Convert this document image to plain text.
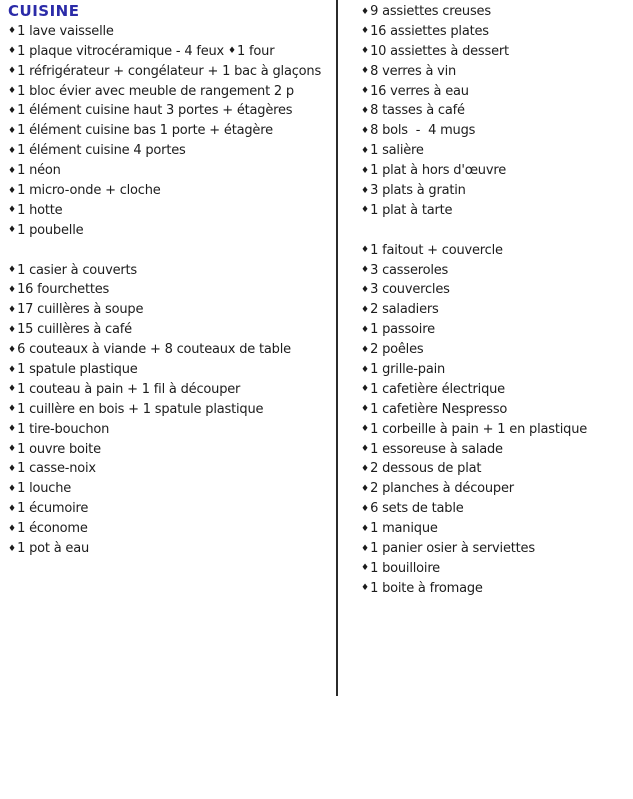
CUISINE
♦1 lave vaisselle
♦1 plaque vitrocéramique - 4 feux ♦1 four
♦1 réfrigérateur + congélateur + 1 bac à glaçons
♦1 bloc évier avec meuble de rangement 2 p
♦1 élément cuisine haut 3 portes + étagères
♦1 élément cuisine bas 1 porte + étagère
♦1 élément cuisine 4 portes
♦1 néon
♦1 micro-onde + cloche
♦1 hotte
♦1 poubelle
♦1 casier à couverts
♦16 fourchettes
♦17 cuillères à soupe
♦15 cuillères à café
♦6 couteaux à viande + 8 couteaux de table
♦1 spatule plastique
♦1 couteau à pain + 1 fil à découper
♦1 cuillère en bois + 1 spatule plastique
♦1 tire-bouchon
♦1 ouvre boite
♦1 casse-noix
♦1 louche
♦1 écumoire
♦1 économe
♦1 pot à eau
♦9 assiettes creuses
♦16 assiettes plates
♦10 assiettes à dessert
♦8 verres à vin
♦16 verres à eau
♦8 tasses à café
♦8 bols  -  4 mugs
♦1 salière
♦1 plat à hors d'œuvre
♦3 plats à gratin
♦1 plat à tarte
♦1 faitout + couvercle
♦3 casseroles
♦3 couvercles
♦2 saladiers
♦1 passoire
♦2 poêles
♦1 grille-pain
♦1 cafetière électrique
♦1 cafetière Nespresso
♦1 corbeille à pain + 1 en plastique
♦1 essoreuse à salade
♦2 dessous de plat
♦2 planches à découper
♦6 sets de table
♦1 manique
♦1 panier osier à serviettes
♦1 bouilloire
♦1 boite à fromage
